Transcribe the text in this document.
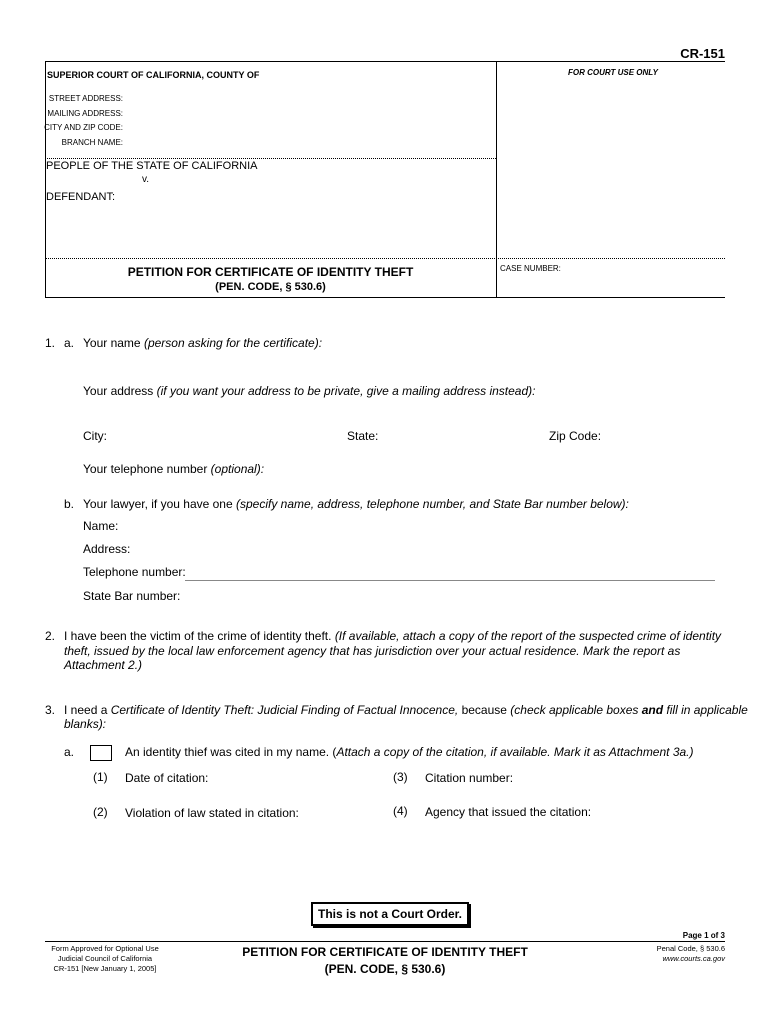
CR-151
SUPERIOR COURT OF CALIFORNIA, COUNTY OF
STREET ADDRESS:
MAILING ADDRESS:
CITY AND ZIP CODE:
BRANCH NAME:
FOR COURT USE ONLY
PEOPLE OF THE STATE OF CALIFORNIA
v.
DEFENDANT:
PETITION FOR CERTIFICATE OF IDENTITY THEFT
(PEN. CODE, § 530.6)
CASE NUMBER:
1. a. Your name (person asking for the certificate):
Your address (if you want your address to be private, give a mailing address instead):
City:	State:	Zip Code:
Your telephone number (optional):
b. Your lawyer, if you have one (specify name, address, telephone number, and State Bar number below):
Name:
Address:
Telephone number:
State Bar number:
2. I have been the victim of the crime of identity theft. (If available, attach a copy of the report of the suspected crime of identity
theft, issued by the local law enforcement agency that has jurisdiction over your actual residence. Mark the report as
Attachment 2.)
3. I need a Certificate of Identity Theft: Judicial Finding of Factual Innocence, because (check applicable boxes and fill in applicable
blanks):
a.	An identity thief was cited in my name. (Attach a copy of the citation, if available. Mark it as Attachment 3a.)
(1) Date of citation:	(3) Citation number:
(2) Violation of law stated in citation:	(4) Agency that issued the citation:
This is not a Court Order.
Page 1 of 3
Form Approved for Optional Use
Judicial Council of California
CR-151 [New January 1, 2005]
PETITION FOR CERTIFICATE OF IDENTITY THEFT
(PEN. CODE, § 530.6)
Penal Code, § 530.6
www.courts.ca.gov
